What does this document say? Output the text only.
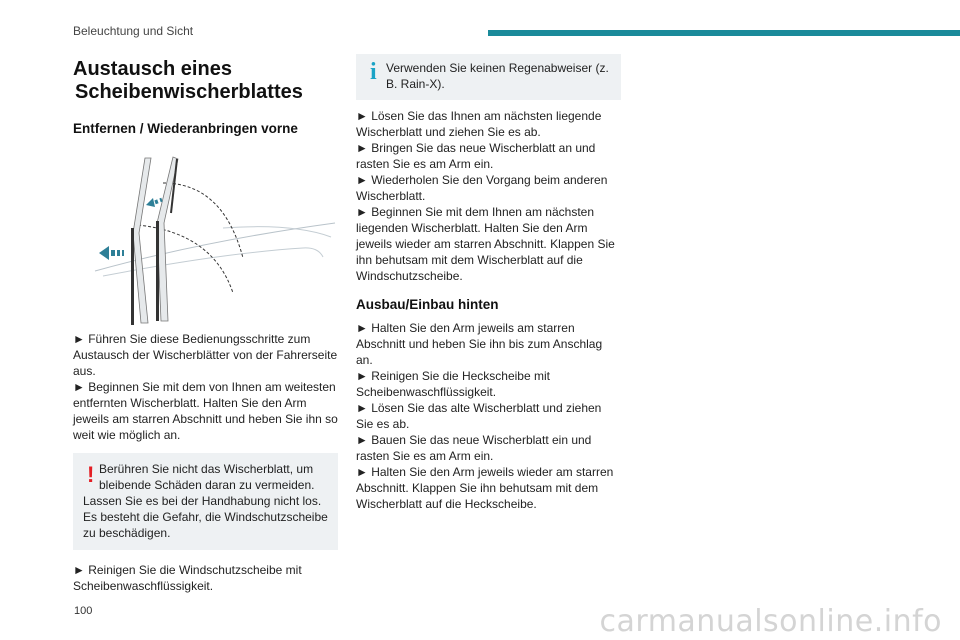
Beleuchtung und Sicht
Austausch eines
Scheibenwischerblattes
Entfernen / Wiederanbringen vorne

► Führen Sie diese Bedienungsschritte zum Austausch der Wischerblätter von der Fahrerseite aus.

► Beginnen Sie mit dem von Ihnen am weitesten entfernten Wischerblatt. Halten Sie den Arm jeweils am starren Abschnitt und heben Sie ihn so weit wie möglich an.

! Berühren Sie nicht das Wischerblatt, um bleibende Schäden daran zu vermeiden.
Lassen Sie es bei der Handhabung nicht los. Es besteht die Gefahr, die Windschutzscheibe zu beschädigen.

► Reinigen Sie die Windschutzscheibe mit Scheibenwaschflüssigkeit.

i Verwenden Sie keinen Regenabweiser (z. B. Rain-X).

► Lösen Sie das Ihnen am nächsten liegende Wischerblatt und ziehen Sie es ab.

► Bringen Sie das neue Wischerblatt an und rasten Sie es am Arm ein.

► Wiederholen Sie den Vorgang beim anderen Wischerblatt.

► Beginnen Sie mit dem Ihnen am nächsten liegenden Wischerblatt. Halten Sie den Arm jeweils wieder am starren Abschnitt. Klappen Sie ihn behutsam mit dem Wischerblatt auf die Windschutzscheibe.

Ausbau/Einbau hinten

► Halten Sie den Arm jeweils am starren Abschnitt und heben Sie ihn bis zum Anschlag an.

► Reinigen Sie die Heckscheibe mit Scheibenwaschflüssigkeit.

► Lösen Sie das alte Wischerblatt und ziehen Sie es ab.

► Bauen Sie das neue Wischerblatt ein und rasten Sie es am Arm ein.

► Halten Sie den Arm jeweils wieder am starren Abschnitt. Klappen Sie ihn behutsam mit dem Wischerblatt auf die Heckscheibe.

100	carmanualsonline.info
